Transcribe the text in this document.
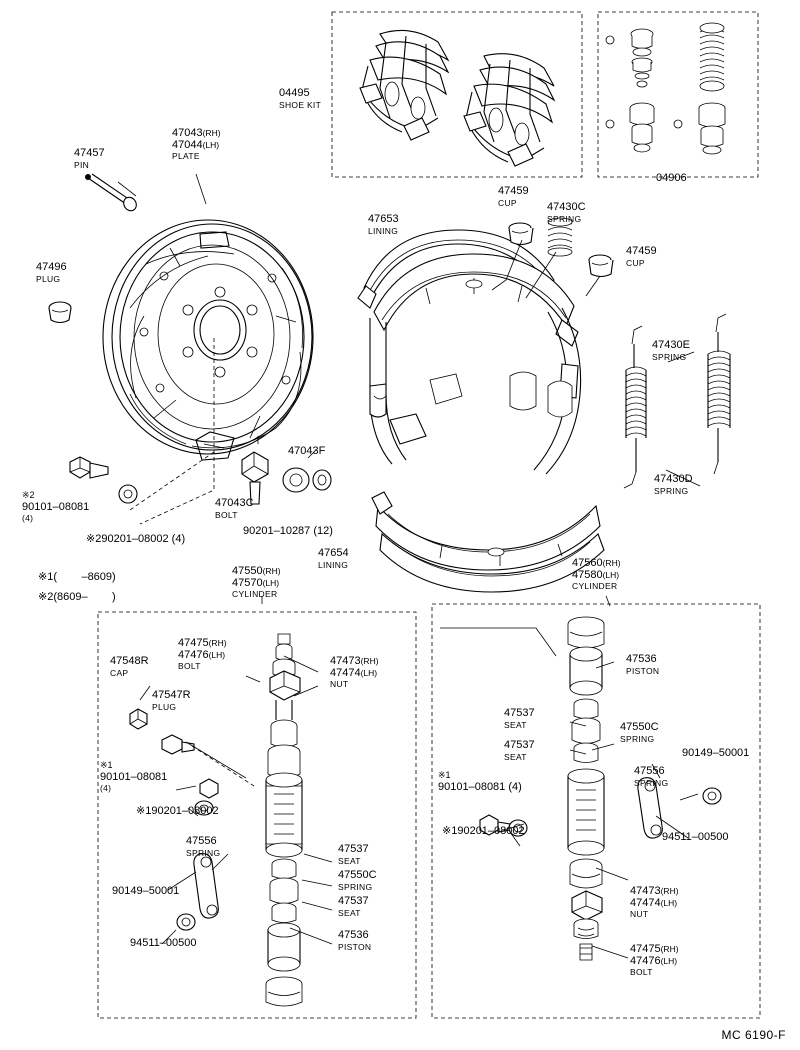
04495
SHOE KIT
04906
47457
PIN
47043(RH)
47044(LH)
PLATE
47496
PLUG
※2
90101–08081
(4)
※290201–08002 (4)
47043C
BOLT
90201–10287 (12)
47043F
47653
LINING
47654
LINING
47459
CUP	47430C
SPRING
47459
CUP
47430E
SPRING
47430D
SPRING
47550(RH)
47570(LH)
CYLINDER
47560(RH)
47580(LH)
CYLINDER
※1(        –8609)
※2(8609–        )
47548R
CAP
47547R
PLUG
47475(RH)
47476(LH)
BOLT	47473(RH)
47474(LH)
NUT
※1
90101–08081
(4)
※190201–08002
47556
SPRING	47537
SEAT
47550C
SPRING
47537
SEAT
47536
PISTON
90149–50001
94511–00500
47536
PISTON
47537
SEAT	47550C
SPRING
47537
SEAT
47556
SPRING
90149–50001
94511–00500
※1
90101–08081 (4)
※190201–08002
47473(RH)
47474(LH)
NUT
47475(RH)
47476(LH)
BOLT
MC 6190-F
